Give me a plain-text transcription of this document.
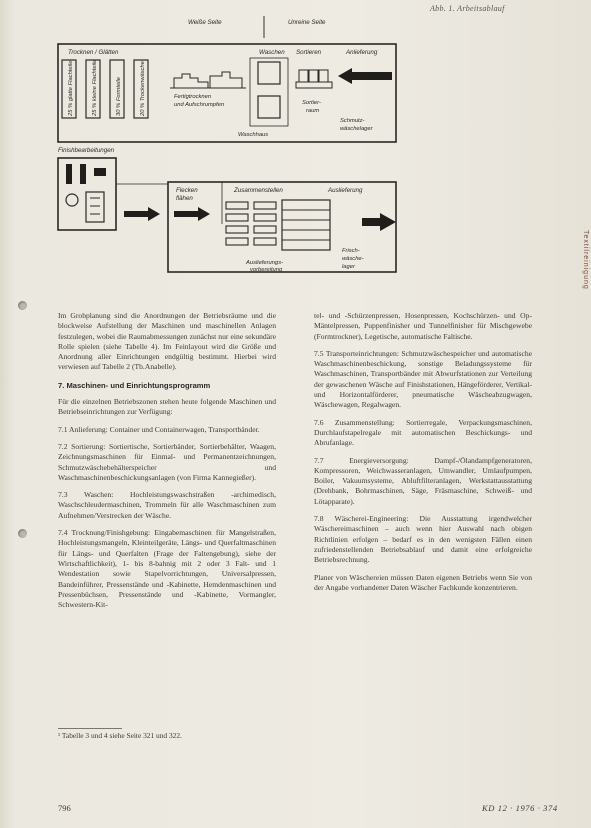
Abb. 1. Arbeitsablauf
Textilreinigung
Weiße Seite	Unreine Seite
Trocknen / Glätten	Waschen Sortieren	Anlieferung
25 % glatte Flachteile	25 % kleine Flachteile	30 % Formteile	20 % Trockenwäsche	Fertigtrocknen
und Aufschrumpfen
Waschhaus
Sortier-
raum
Schmutz-
wäschelager
Finishbearbeitungen
Flecken
flähen
Zusammenstellen	Auslieferung
Auslieferungs-
vorbereitung
Frisch-
wäsche-
lager

Im Grobplanung sind die Anordnungen der Betriebsräume und die blockweise Aufstellung der Maschinen und maschinellen Anlagen festzulegen, wobei die Raumabmessungen zunächst nur eine sekundäre Rolle spielen (siehe Tabelle 4). Im Feinlayout wird die Größe und Anordnung aller Einrichtungen endgültig bestimmt. Hierbei wird verwiesen auf Tabelle 2 (Tb.Anabelle).

7. Maschinen- und Einrichtungsprogramm

Für die einzelnen Betriebszonen stehen heute folgende Maschinen und Betriebseinrichtungen zur Verfügung:

7.1 Anlieferung: Container und Containerwagen, Transportbänder.

7.2 Sortierung: Sortiertische, Sortierbänder, Sortierbehälter, Waagen, Zeichnungsmaschinen für Einmal- und Permanentzeichnungen, Schmutzwäschebehälterspeicher und Waschmaschinenbeschickungsanlagen (von Firma Kannegießer).

7.3 Waschen: Hochleistungswaschstraßen -archimedisch, Waschschleudermaschinen, Trommeln für alle Waschmaschinen zum Aufnehmen/Verstrecken der Wäsche.

7.4 Trocknung/Finishgebung: Eingabemaschinen für Mangelstraßen, Hochleistungsmangeln, Kleinteilgeräte, Längs- und Querfaltmaschinen für Längs- und Querfalten (Frage der Faltengebung), siehe der Wirtschaftlichkeit), 1- bis 8-bahnig mit 2 oder 3 Falt- und 1 Wendestation sowie Stapelvorrichtungen, Universalpressen, Bandeinführer, Pressenstände und -Kabinette, Hemdenmaschinen und Pressenbüchsen, Pressenstände und -Kabinette, Vormangler, Schwestern-Kit-

tel- und -Schürzenpressen, Hosenpressen, Kochschürzen- und Op-Mäntelpressen, Puppenfinisher und Tunnelfinisher für Mischgewebe (Formtrockner), Legetische, automatische Faltische.

7.5 Transporteinrichtungen: Schmutzwäschespeicher und automatische Waschmaschinenbeschickung, sonstige Beladungssysteme für Waschmaschinen, Transportbänder mit Abwurfstationen zur Verteilung der gewaschenen Wäsche auf Finishstationen, Hängeförderer, Vertikal- und Horizontalförderer, pneumatische Wäscheabzugwagen, Wäschewagen, Regalwagen.

7.6 Zusammenstellung: Sortierregale, Verpackungsmaschinen, Durchlaufstapelregale mit automatischen Beschickungs- und Abrufanlage.

7.7 Energieversorgung: Dampf-/Ölandampfgeneratoren, Kompressoren, Weichwasseranlagen, Umwandler, Umlaufpumpen, Boiler, Vakuumsysteme, Abluftfilteranlagen, Werkstattausstattung (Drehbank, Bohrmaschinen, Säge, Fräsmaschine, Schweiß- und Lötapparate).

7.8 Wäscherei-Engineering: Die Ausstattung irgendwelcher Wäschereimaschinen – auch wenn hier Auswahl nach obigen Richtlinien erfolgen – bedarf es in den wenigsten Fällen einen zufriedenstellenden Betriebsablauf und damit eine erfolgreiche Betriebsrechnung.

Planer von Wäschereien müssen Daten eigenen Betriebs wenn Sie von der Angabe vorhandener Daten Wäscher Fachkunde konzentrieren.

¹ Tabelle 3 und 4 siehe Seite 321 und 322.
796	KD 12 · 1976 · 374
